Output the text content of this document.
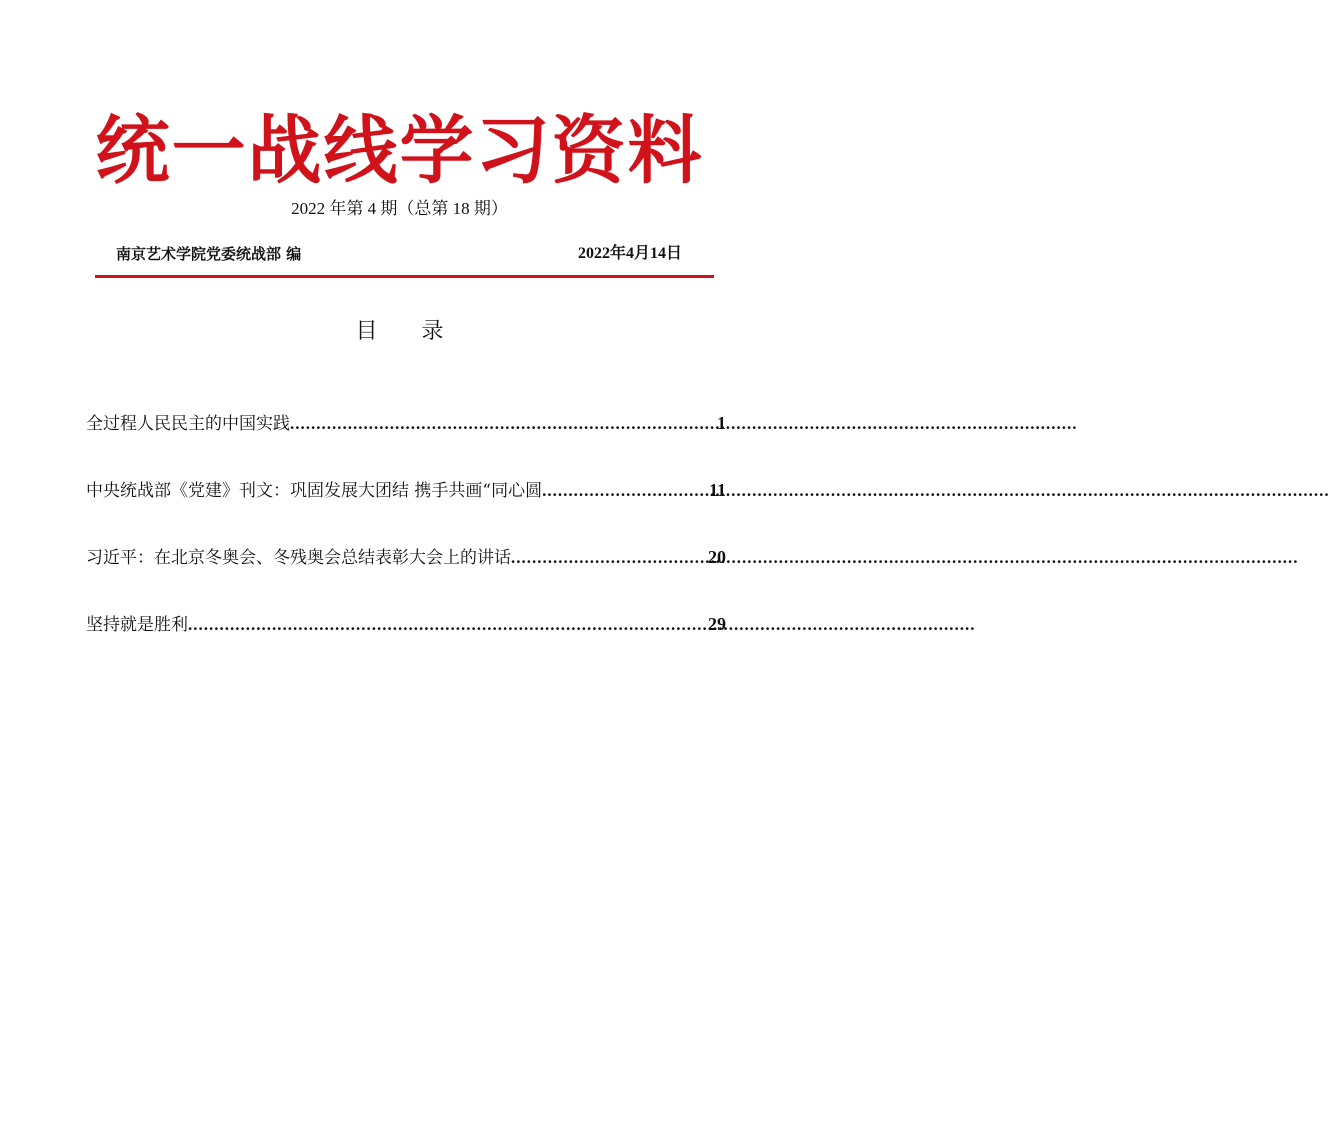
统一战线学习资料
2022 年第 4 期（总第 18 期）
南京艺术学院党委统战部 编	2022年4月14日
目 录
全过程人民民主的中国实践 .....	1
中央统战部《党建》刊文：巩固发展大团结 携手共画“同心圆 .....	11
习近平：在北京冬奥会、冬残奥会总结表彰大会上的讲话 .....	20
坚持就是胜利 .....	29
